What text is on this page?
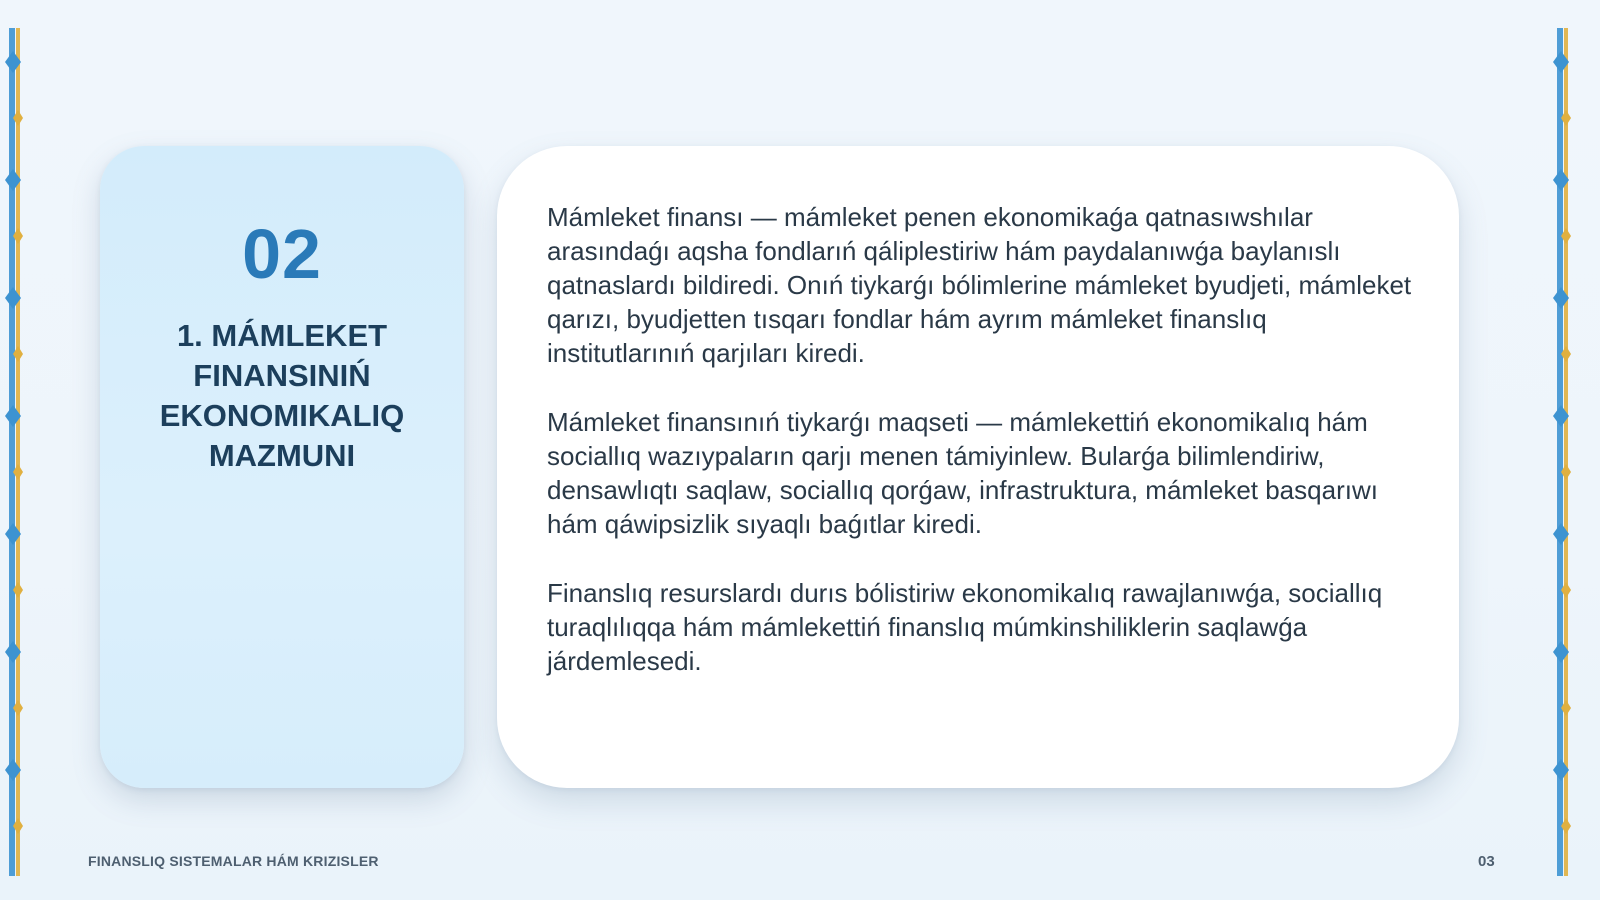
02
1. MÁMLEKET FINANSINIŃ EKONOMIKALIQ MAZMUNI

Mámleket finansı — mámleket penen ekonomikaǵa qatnasıwshılar arasındaǵı aqsha fondlarıń qáliplestiriw hám paydalanıwǵa baylanıslı qatnaslardı bildiredi. Onıń tiykarǵı bólimlerine mámleket byudjeti, mámleket qarızı, byudjetten tısqarı fondlar hám ayrım mámleket finanslıq institutlarınıń qarjıları kiredi.

Mámleket finansınıń tiykarǵı maqseti — mámlekettiń ekonomikalıq hám sociallıq wazıypaların qarjı menen támiyinlew. Bularǵa bilimlendiriw, densawlıqtı saqlaw, sociallıq qorǵaw, infrastruktura, mámleket basqarıwı hám qáwipsizlik sıyaqlı baǵıtlar kiredi.

Finanslıq resurslardı durıs bólistiriw ekonomikalıq rawajlanıwǵa, sociallıq turaqlılıqqa hám mámlekettiń finanslıq múmkinshiliklerin saqlawǵa járdemlesedi.

FINANSLIQ SISTEMALAR HÁM KRIZISLER	03
